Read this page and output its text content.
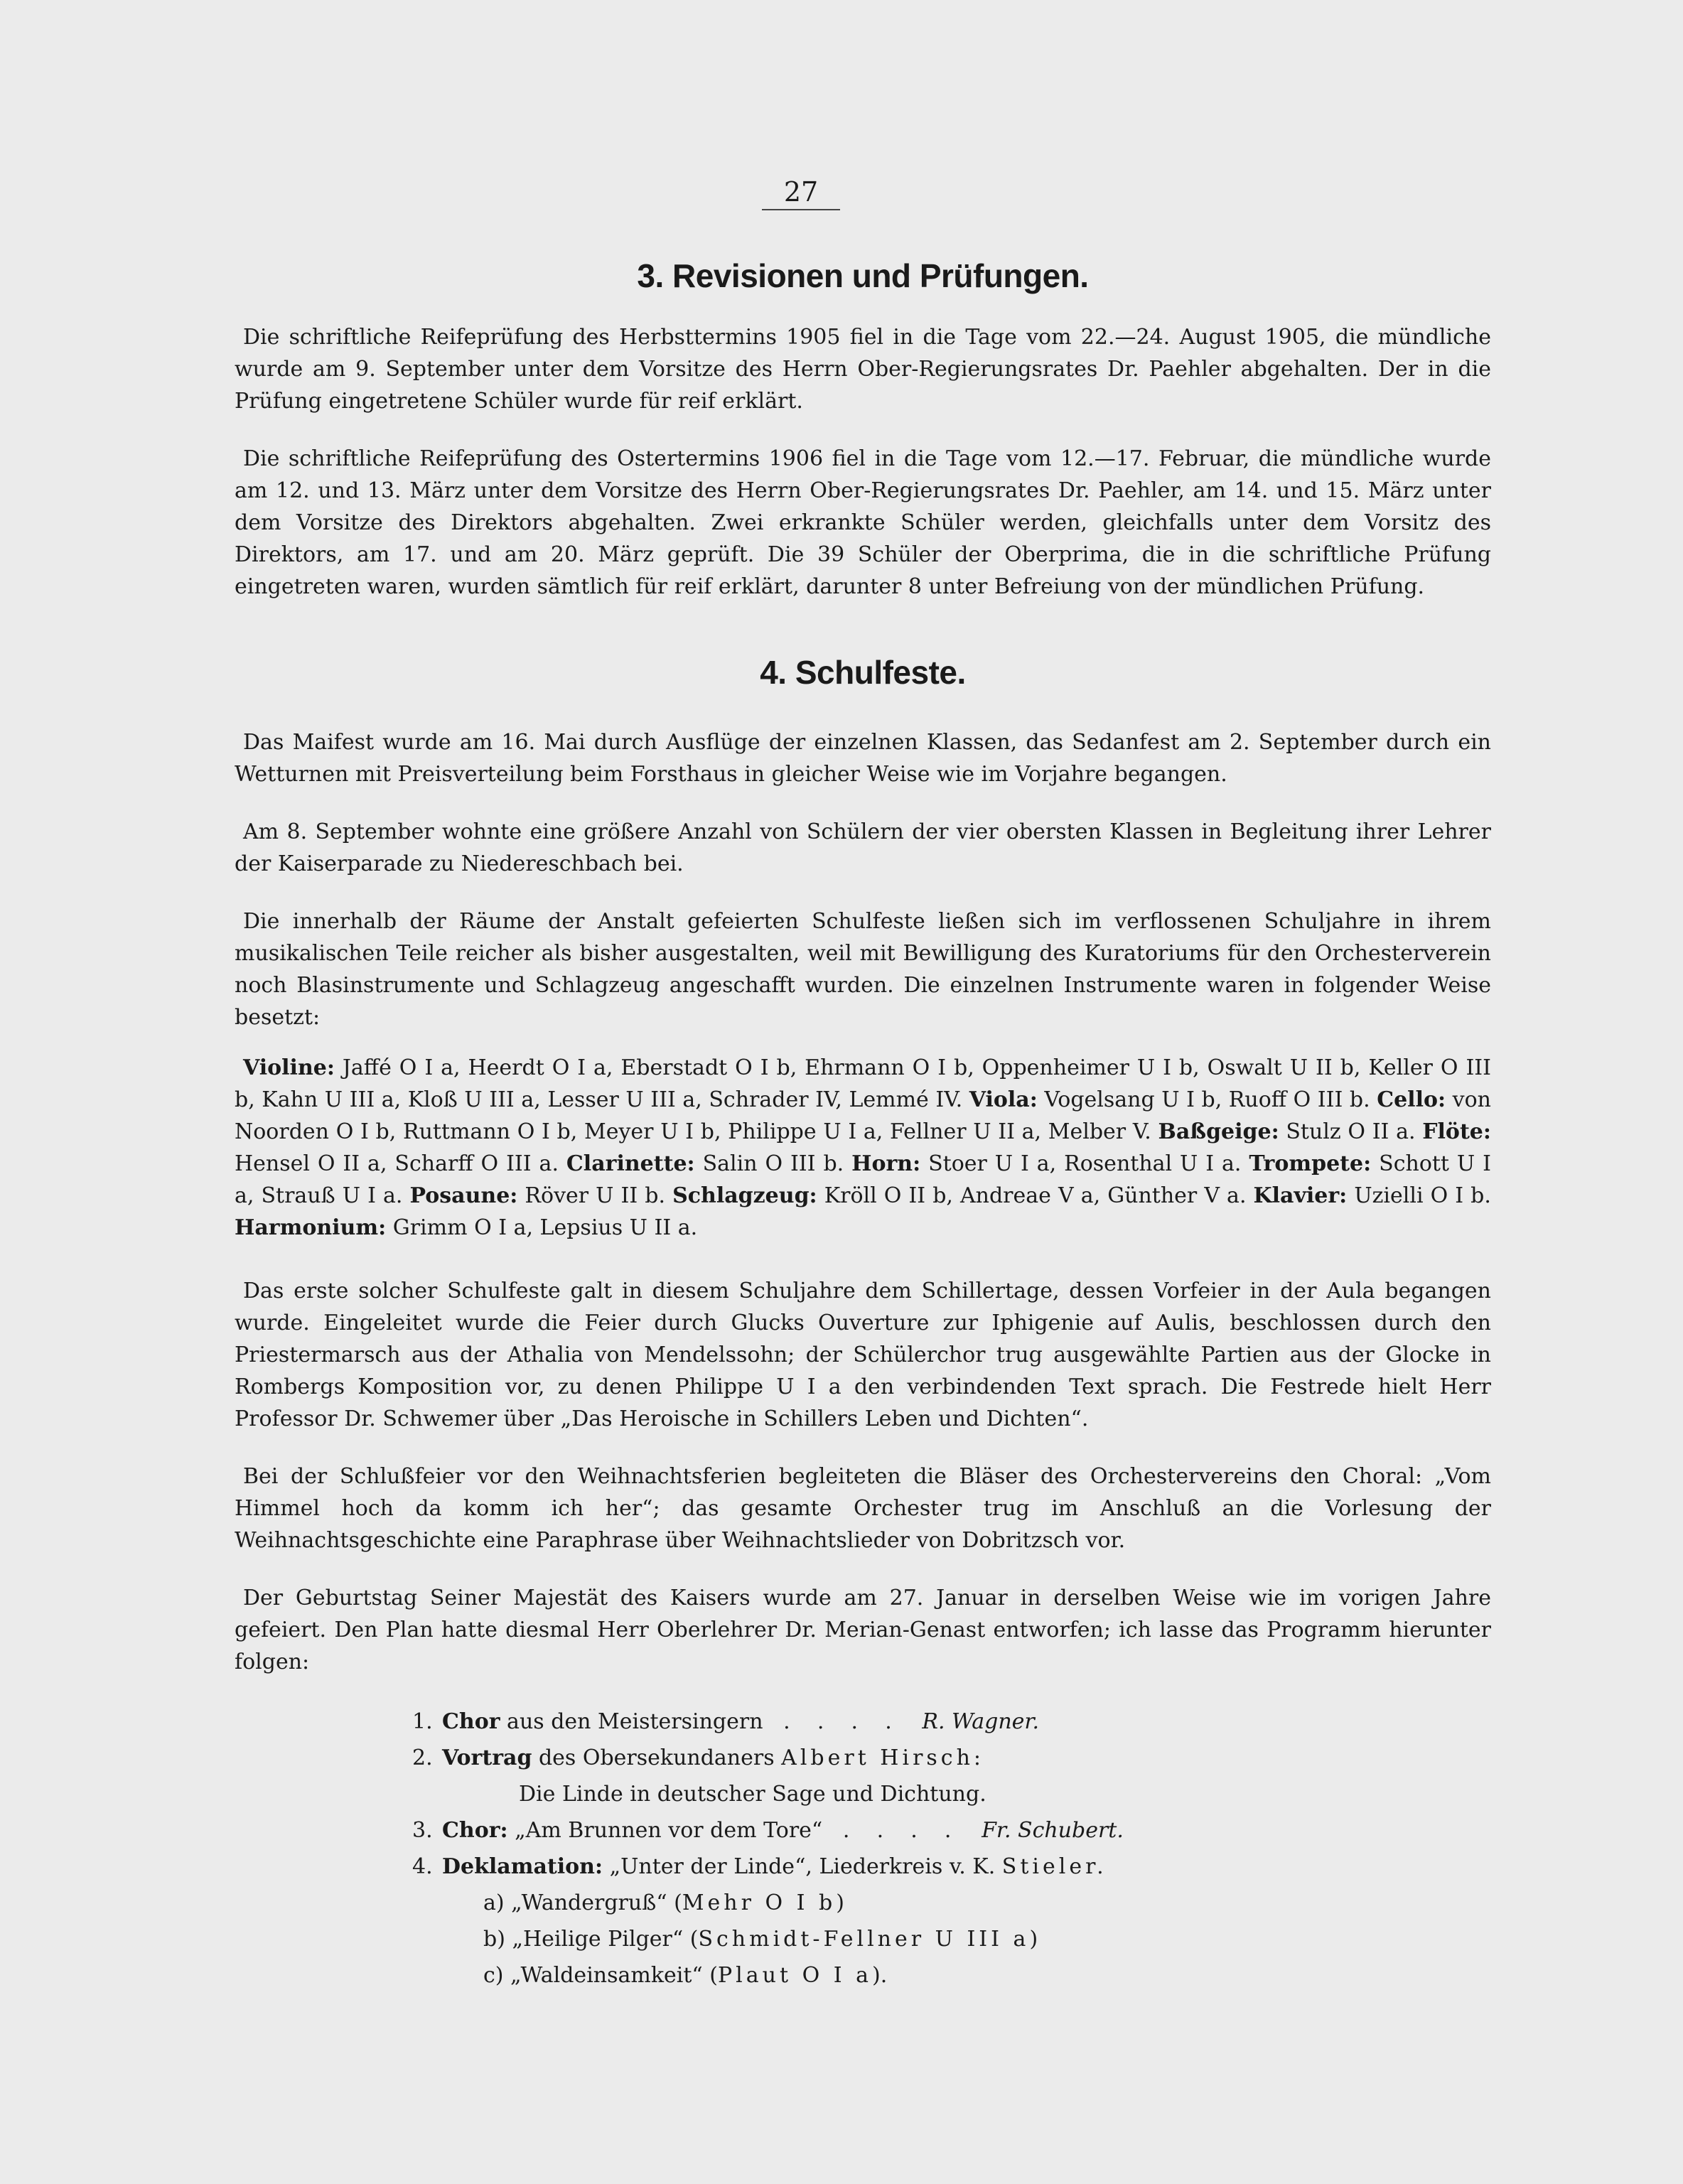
27
3. Revisionen und Prüfungen.

Die schriftliche Reifeprüfung des Herbsttermins 1905 fiel in die Tage vom 22.—24. August 1905, die mündliche wurde am 9. September unter dem Vorsitze des Herrn Ober-Regierungsrates Dr. Paehler abgehalten. Der in die Prüfung eingetretene Schüler wurde für reif erklärt.

Die schriftliche Reifeprüfung des Ostertermins 1906 fiel in die Tage vom 12.—17. Februar, die mündliche wurde am 12. und 13. März unter dem Vorsitze des Herrn Ober-Regierungsrates Dr. Paehler, am 14. und 15. März unter dem Vorsitze des Direktors abgehalten. Zwei erkrankte Schüler werden, gleichfalls unter dem Vorsitz des Direktors, am 17. und am 20. März geprüft. Die 39 Schüler der Oberprima, die in die schriftliche Prüfung eingetreten waren, wurden sämtlich für reif erklärt, darunter 8 unter Befreiung von der mündlichen Prüfung.

4. Schulfeste.

Das Maifest wurde am 16. Mai durch Ausflüge der einzelnen Klassen, das Sedanfest am 2. September durch ein Wetturnen mit Preisverteilung beim Forsthaus in gleicher Weise wie im Vorjahre begangen.

Am 8. September wohnte eine größere Anzahl von Schülern der vier obersten Klassen in Begleitung ihrer Lehrer der Kaiserparade zu Niedereschbach bei.

Die innerhalb der Räume der Anstalt gefeierten Schulfeste ließen sich im verflossenen Schuljahre in ihrem musikalischen Teile reicher als bisher ausgestalten, weil mit Bewilligung des Kuratoriums für den Orchesterverein noch Blasinstrumente und Schlagzeug angeschafft wurden. Die einzelnen Instrumente waren in folgender Weise besetzt:

Violine: Jaffé O I a, Heerdt O I a, Eberstadt O I b, Ehrmann O I b, Oppenheimer U I b, Oswalt U II b, Keller O III b, Kahn U III a, Kloß U III a, Lesser U III a, Schrader IV, Lemmé IV. Viola: Vogelsang U I b, Ruoff O III b. Cello: von Noorden O I b, Ruttmann O I b, Meyer U I b, Philippe U I a, Fellner U II a, Melber V. Baßgeige: Stulz O II a. Flöte: Hensel O II a, Scharff O III a. Clarinette: Salin O III b. Horn: Stoer U I a, Rosenthal U I a. Trompete: Schott U I a, Strauß U I a. Posaune: Röver U II b. Schlagzeug: Kröll O II b, Andreae V a, Günther V a. Klavier: Uzielli O I b. Harmonium: Grimm O I a, Lepsius U II a.

Das erste solcher Schulfeste galt in diesem Schuljahre dem Schillertage, dessen Vorfeier in der Aula begangen wurde. Eingeleitet wurde die Feier durch Glucks Ouverture zur Iphigenie auf Aulis, beschlossen durch den Priestermarsch aus der Athalia von Mendelssohn; der Schülerchor trug ausgewählte Partien aus der Glocke in Rombergs Komposition vor, zu denen Philippe U I a den verbindenden Text sprach. Die Festrede hielt Herr Professor Dr. Schwemer über „Das Heroische in Schillers Leben und Dichten“.

Bei der Schlußfeier vor den Weihnachtsferien begleiteten die Bläser des Orchestervereins den Choral: „Vom Himmel hoch da komm ich her“; das gesamte Orchester trug im Anschluß an die Vorlesung der Weihnachtsgeschichte eine Paraphrase über Weihnachtslieder von Dobritzsch vor.

Der Geburtstag Seiner Majestät des Kaisers wurde am 27. Januar in derselben Weise wie im vorigen Jahre gefeiert. Den Plan hatte diesmal Herr Oberlehrer Dr. Merian-Genast entworfen; ich lasse das Programm hierunter folgen:

1. Chor aus den Meistersingern   .    .    .    .   R. Wagner.
2. Vortrag des Obersekundaners Albert Hirsch:
Die Linde in deutscher Sage und Dichtung.
3. Chor: „Am Brunnen vor dem Tore“   .    .    .    .   Fr. Schubert.
4. Deklamation: „Unter der Linde“, Liederkreis v. K. Stieler.
a) „Wandergruß“ (Mehr O I b)
b) „Heilige Pilger“ (Schmidt-Fellner U III a)
c) „Waldeinsamkeit“ (Plaut O I a).
